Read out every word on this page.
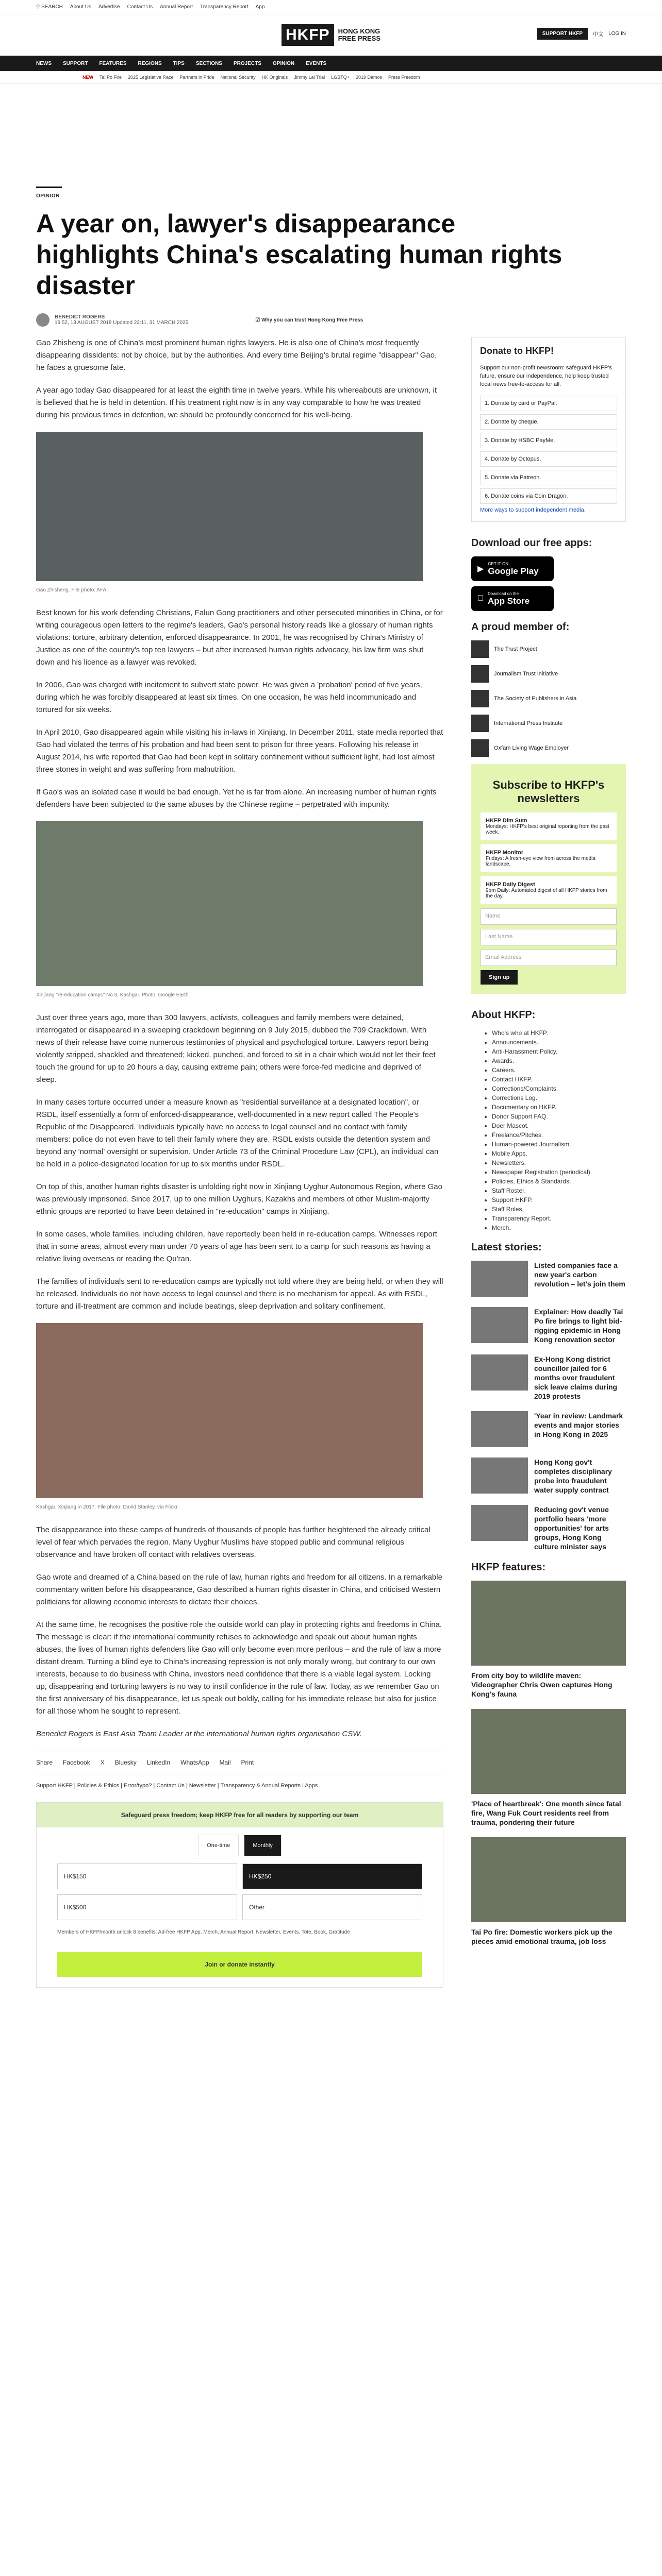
⚲ SEARCH About Us Advertise Contact Us Annual Report Transparency Report App
HKFP	HONG KONG
FREE PRESS
SUPPORT HKFP	中文 LOG IN
NEWS SUPPORT FEATURES REGIONS TIPS SECTIONS PROJECTS OPINION EVENTS
NEW Tai Po Fire 2025 Legislative Race Partners in Pride National Security HK Originals Jimmy Lai Trial LGBTQ+ 2019 Demos Press Freedom
OPINION
A year on, lawyer's disappearance highlights China's escalating human rights disaster
BENEDICT ROGERS
19:52, 13 AUGUST 2018 Updated 22:11, 31 MARCH 2025	☑ Why you can trust Hong Kong Free Press

Gao Zhisheng is one of China's most prominent human rights lawyers. He is also one of China's most frequently disappearing dissidents: not by choice, but by the authorities. And every time Beijing's brutal regime "disappear" Gao, he faces a gruesome fate.

A year ago today Gao disappeared for at least the eighth time in twelve years. While his whereabouts are unknown, it is believed that he is held in detention. If his treatment right now is in any way comparable to how he was treated during his previous times in detention, we should be profoundly concerned for his well-being.

Gao Zhisheng. File photo: AFA.

Best known for his work defending Christians, Falun Gong practitioners and other persecuted minorities in China, or for writing courageous open letters to the regime's leaders, Gao's personal history reads like a glossary of human rights violations: torture, arbitrary detention, enforced disappearance. In 2001, he was recognised by China's Ministry of Justice as one of the country's top ten lawyers – but after increased human rights advocacy, his law firm was shut down and his licence as a lawyer was revoked.

In 2006, Gao was charged with incitement to subvert state power. He was given a 'probation' period of five years, during which he was forcibly disappeared at least six times. On one occasion, he was held incommunicado and tortured for six weeks.

In April 2010, Gao disappeared again while visiting his in-laws in Xinjiang. In December 2011, state media reported that Gao had violated the terms of his probation and had been sent to prison for three years. Following his release in August 2014, his wife reported that Gao had been kept in solitary confinement without sufficient light, had lost almost three stones in weight and was suffering from malnutrition.

If Gao's was an isolated case it would be bad enough. Yet he is far from alone. An increasing number of human rights defenders have been subjected to the same abuses by the Chinese regime – perpetrated with impunity.

Xinjiang "re-education camps" No.3, Kashgar. Photo: Google Earth.

Just over three years ago, more than 300 lawyers, activists, colleagues and family members were detained, interrogated or disappeared in a sweeping crackdown beginning on 9 July 2015, dubbed the 709 Crackdown. With news of their release have come numerous testimonies of physical and psychological torture. Lawyers report being violently stripped, shackled and threatened; kicked, punched, and forced to sit in a chair which would not let their feet touch the ground for up to 20 hours a day, causing extreme pain; others were force-fed medicine and deprived of sleep.

In many cases torture occurred under a measure known as "residential surveillance at a designated location", or RSDL, itself essentially a form of enforced-disappearance, well-documented in a new report called The People's Republic of the Disappeared. Individuals typically have no access to legal counsel and no contact with family members: police do not even have to tell their family where they are. RSDL exists outside the detention system and beyond any 'normal' oversight or supervision. Under Article 73 of the Criminal Procedure Law (CPL), an individual can be held in a police-designated location for up to six months under RSDL.

On top of this, another human rights disaster is unfolding right now in Xinjiang Uyghur Autonomous Region, where Gao was previously imprisoned. Since 2017, up to one million Uyghurs, Kazakhs and members of other Muslim-majority ethnic groups are reported to have been detained in "re-education" camps in Xinjiang.

In some cases, whole families, including children, have reportedly been held in re-education camps. Witnesses report that in some areas, almost every man under 70 years of age has been sent to a camp for such reasons as having a relative living overseas or reading the Qu'ran.

The families of individuals sent to re-education camps are typically not told where they are being held, or when they will be released. Individuals do not have access to legal counsel and there is no mechanism for appeal. As with RSDL, torture and ill-treatment are common and include beatings, sleep deprivation and solitary confinement.

Kashgar, Xinjiang in 2017. File photo: David Stanley, via Flickr.

The disappearance into these camps of hundreds of thousands of people has further heightened the already critical level of fear which pervades the region. Many Uyghur Muslims have stopped public and communal religious observance and have broken off contact with relatives overseas.

Gao wrote and dreamed of a China based on the rule of law, human rights and freedom for all citizens. In a remarkable commentary written before his disappearance, Gao described a human rights disaster in China, and criticised Western politicians for allowing economic interests to dictate their choices.

At the same time, he recognises the positive role the outside world can play in protecting rights and freedoms in China. The message is clear: if the international community refuses to acknowledge and speak out about human rights abuses, the lives of human rights defenders like Gao will only become even more perilous – and the rule of law a more distant dream. Turning a blind eye to China's increasing repression is not only morally wrong, but contrary to our own interests, because to do business with China, investors need confidence that there is a viable legal system. Locking up, disappearing and torturing lawyers is no way to instil confidence in the rule of law. Today, as we remember Gao on the first anniversary of his disappearance, let us speak out boldly, calling for his immediate release but also for justice for all those whom he sought to represent.

Benedict Rogers is East Asia Team Leader at the international human rights organisation CSW.

Share Facebook X Bluesky LinkedIn WhatsApp Mail Print
Support HKFP | Policies & Ethics | Error/typo? | Contact Us | Newsletter | Transparency & Annual Reports | Apps
Safeguard press freedom; keep HKFP free for all readers by supporting our team
One-time	Monthly
HK$150	HK$250
HK$500	Other
Members of HKFP/month unlock 8 benefits: Ad-free HKFP App, Merch, Annual Report, Newsletter, Events, Tote, Book, Gratitude
Join or donate instantly
Donate to HKFP!
Support our non-profit newsroom: safeguard HKFP's future, ensure our independence, help keep trusted local news free-to-access for all.
1. Donate by card or PayPal.
2. Donate by cheque.
3. Donate by HSBC PayMe.
4. Donate by Octopus.
5. Donate via Patreon.
6. Donate coins via Coin Dragon.
More ways to support independent media.
Download our free apps:
▶
GET IT ON
Google Play
Download on the
App Store
A proud member of:
The Trust Project
Journalism Trust Initiative
The Society of Publishers in Asia
International Press Institute
Oxfam Living Wage Employer
Subscribe to HKFP's newsletters
HKFP Dim Sum
Mondays: HKFP's best original reporting from the past week.
HKFP Monitor
Fridays: A fresh-eye view from across the media landscape.
HKFP Daily Digest
9pm Daily: Automated digest of all HKFP stories from the day.
Name
Last Name
Email Address
Sign up
About HKFP:
• Who's who at HKFP.
• Announcements.
• Anti-Harassment Policy.
• Awards.
• Careers.
• Contact HKFP.
• Corrections/Complaints.
• Corrections Log.
• Documentary on HKFP.
• Donor Support FAQ.
• Doer Mascot.
• Freelance/Pitches.
• Human-powered Journalism.
• Mobile Apps.
• Newsletters.
• Newspaper Registration (periodical).
• Policies, Ethics & Standards.
• Staff Roster.
• Support HKFP.
• Staff Roles.
• Transparency Report.
• Merch.
Latest stories:
Listed companies face a new year's carbon revolution – let's join them
Explainer: How deadly Tai Po fire brings to light bid-rigging epidemic in Hong Kong renovation sector
Ex-Hong Kong district councillor jailed for 6 months over fraudulent sick leave claims during 2019 protests
'Year in review: Landmark events and major stories in Hong Kong in 2025
Hong Kong gov't completes disciplinary probe into fraudulent water supply contract
Reducing gov't venue portfolio hears 'more opportunities' for arts groups, Hong Kong culture minister says
HKFP features:
From city boy to wildlife maven: Videographer Chris Owen captures Hong Kong's fauna
'Place of heartbreak': One month since fatal fire, Wang Fuk Court residents reel from trauma, pondering their future
Tai Po fire: Domestic workers pick up the pieces amid emotional trauma, job loss
